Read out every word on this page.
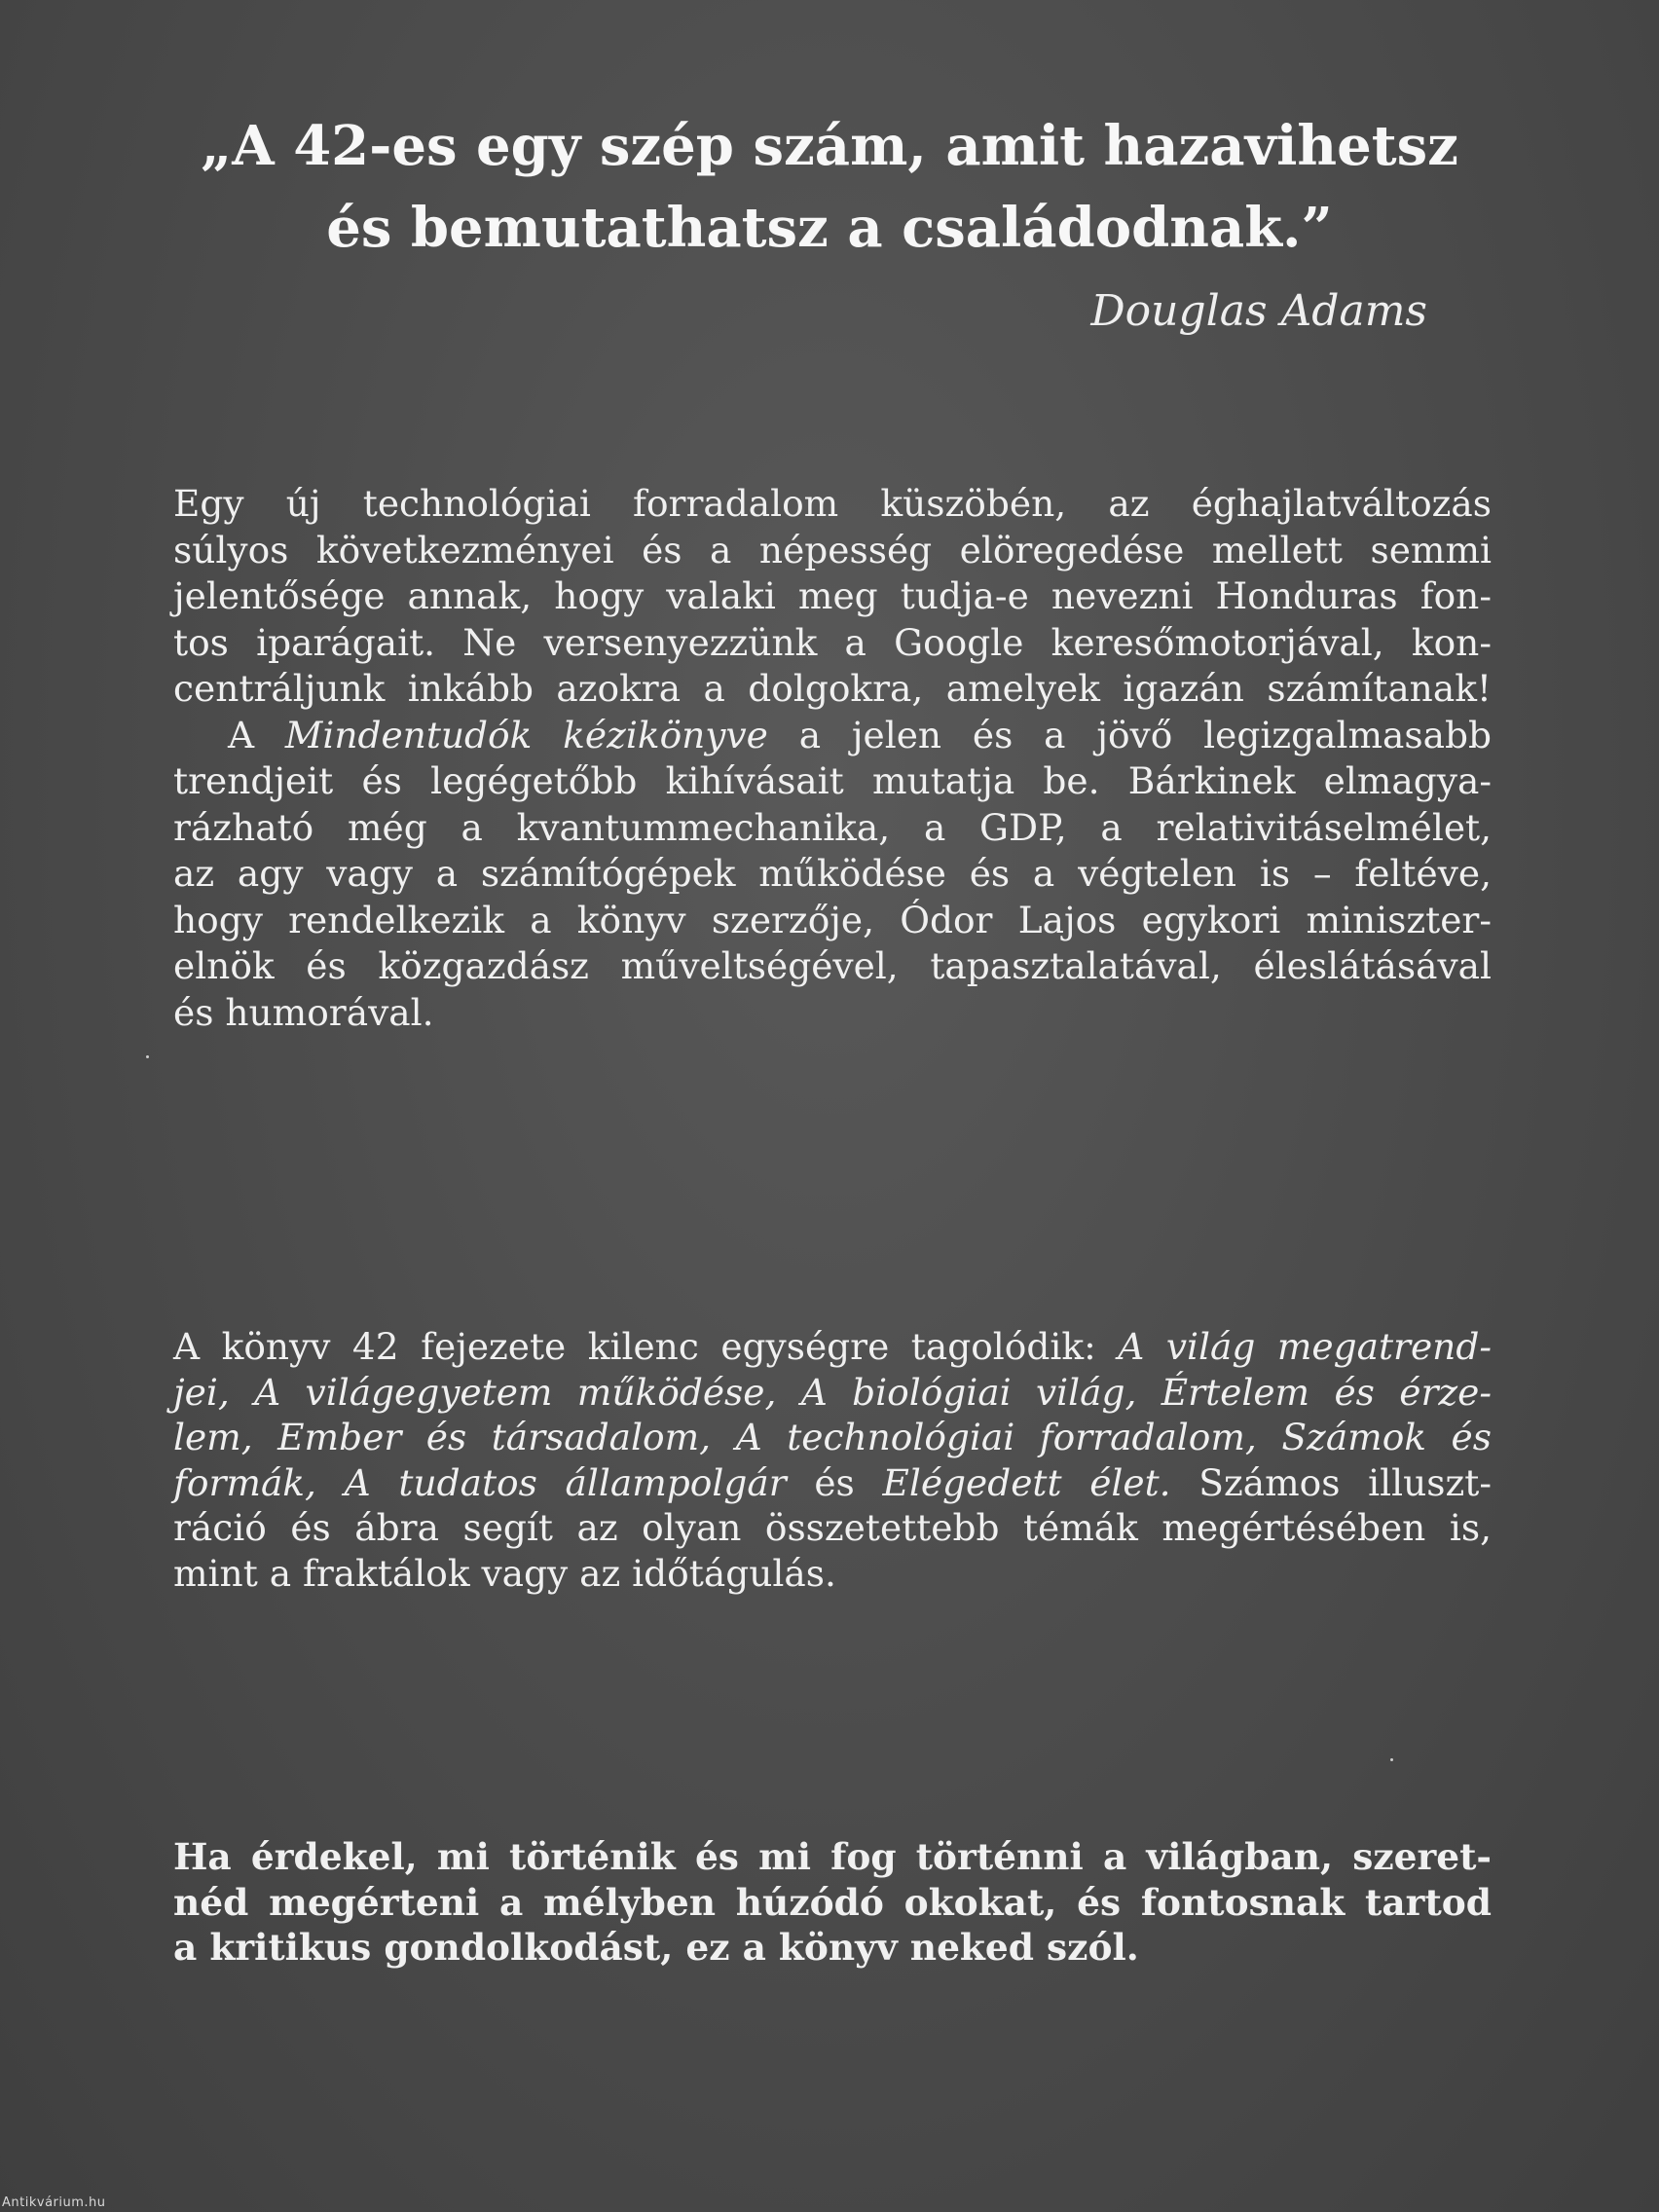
„A 42-es egy szép szám, amit hazavihetsz
és bemutathatsz a családodnak.”
Douglas Adams
Egy új technológiai forradalom küszöbén, az éghajlatváltozás
súlyos következményei és a népesség elöregedése mellett semmi
jelentősége annak, hogy valaki meg tudja-e nevezni Honduras fon-
tos iparágait. Ne versenyezzünk a Google keresőmotorjával, kon-
centráljunk inkább azokra a dolgokra, amelyek igazán számítanak!
A Mindentudók kézikönyve a jelen és a jövő legizgalmasabb
trendjeit és legégetőbb kihívásait mutatja be. Bárkinek elmagya-
rázható még a kvantummechanika, a GDP, a relativitáselmélet,
az agy vagy a számítógépek működése és a végtelen is – feltéve,
hogy rendelkezik a könyv szerzője, Ódor Lajos egykori miniszter-
elnök és közgazdász műveltségével, tapasztalatával, éleslátásával
és humorával.
A könyv 42 fejezete kilenc egységre tagolódik: A világ megatrend-
jei, A világegyetem működése, A biológiai világ, Értelem és érze-
lem, Ember és társadalom, A technológiai forradalom, Számok és
formák, A tudatos állampolgár és Elégedett élet. Számos illuszt-
ráció és ábra segít az olyan összetettebb témák megértésében is,
mint a fraktálok vagy az időtágulás.
Ha érdekel, mi történik és mi fog történni a világban, szeret-
néd megérteni a mélyben húzódó okokat, és fontosnak tartod
a kritikus gondolkodást, ez a könyv neked szól.
Antikvárium.hu
